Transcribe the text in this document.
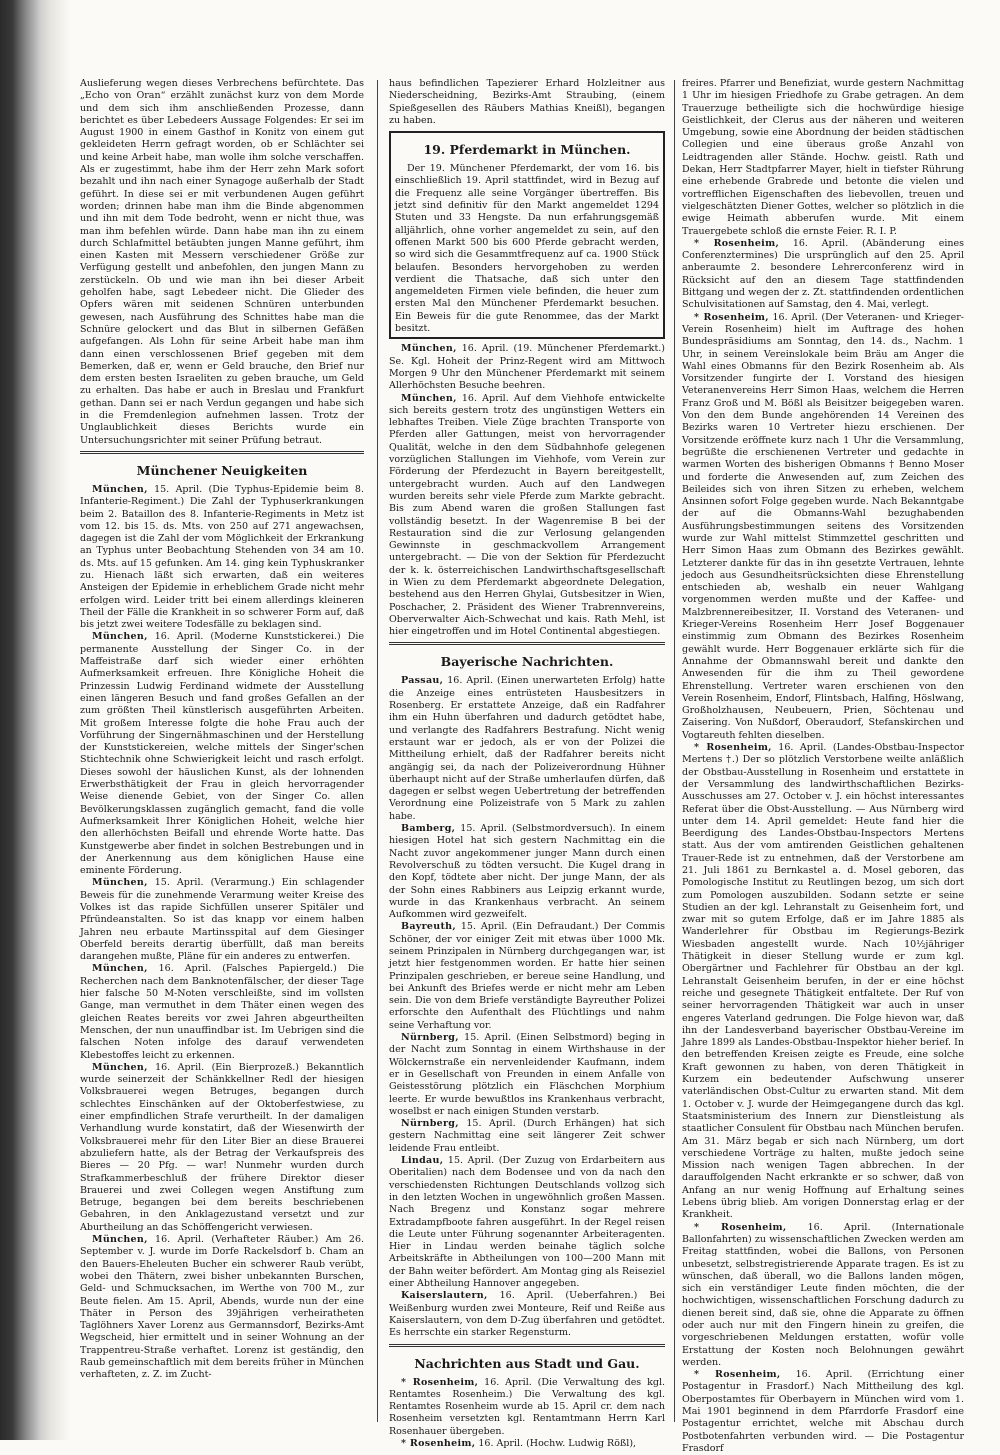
Auslieferung wegen dieses Verbrechens befürchtete. Das „Echo von Oran“ erzählt zunächst kurz von dem Morde und dem sich ihm anschließenden Prozesse, dann berichtet es über Lebedeers Aussage Folgendes: Er sei im August 1900 in einem Gasthof in Konitz von einem gut gekleideten Herrn gefragt worden, ob er Schlächter sei und keine Arbeit habe, man wolle ihm solche verschaffen. Als er zugestimmt, habe ihm der Herr zehn Mark sofort bezahlt und ihn nach einer Synagoge außerhalb der Stadt geführt. In diese sei er mit verbundenen Augen geführt worden; drinnen habe man ihm die Binde abgenommen und ihn mit dem Tode bedroht, wenn er nicht thue, was man ihm befehlen würde. Dann habe man ihn zu einem durch Schlafmittel betäubten jungen Manne geführt, ihm einen Kasten mit Messern verschiedener Größe zur Verfügung gestellt und anbefohlen, den jungen Mann zu zerstückeln. Ob und wie man ihn bei dieser Arbeit geholfen habe, sagt Lebedeer nicht. Die Glieder des Opfers wären mit seidenen Schnüren unterbunden gewesen, nach Ausführung des Schnittes habe man die Schnüre gelockert und das Blut in silbernen Gefäßen aufgefangen. Als Lohn für seine Arbeit habe man ihm dann einen verschlossenen Brief gegeben mit dem Bemerken, daß er, wenn er Geld brauche, den Brief nur dem ersten besten Israeliten zu geben brauche, um Geld zu erhalten. Das habe er auch in Breslau und Frankfurt gethan. Dann sei er nach Verdun gegangen und habe sich in die Fremdenlegion aufnehmen lassen. Trotz der Unglaublichkeit dieses Berichts wurde ein Untersuchungsrichter mit seiner Prüfung betraut.

Münchener Neuigkeiten

München, 15. April. (Die Typhus-Epidemie beim 8. Infanterie-Regiment.) Die Zahl der Typhuserkrankungen beim 2. Bataillon des 8. Infanterie-Regiments in Metz ist vom 12. bis 15. ds. Mts. von 250 auf 271 angewachsen, dagegen ist die Zahl der vom Möglichkeit der Erkrankung an Typhus unter Beobachtung Stehenden von 34 am 10. ds. Mts. auf 15 gefunken. Am 14. ging kein Typhuskranker zu. Hienach läßt sich erwarten, daß ein weiteres Ansteigen der Epidemie in erheblichem Grade nicht mehr erfolgen wird. Leider tritt bei einem allerdings kleineren Theil der Fälle die Krankheit in so schwerer Form auf, daß bis jetzt zwei weitere Todesfälle zu beklagen sind.

München, 16. April. (Moderne Kunststickerei.) Die permanente Ausstellung der Singer Co. in der Maffeistraße darf sich wieder einer erhöhten Aufmerksamkeit erfreuen. Ihre Königliche Hoheit die Prinzessin Ludwig Ferdinand widmete der Ausstellung einen längeren Besuch und fand großes Gefallen an der zum größten Theil künstlerisch ausgeführten Arbeiten. Mit großem Interesse folgte die hohe Frau auch der Vorführung der Singernähmaschinen und der Herstellung der Kunststickereien, welche mittels der Singer'schen Stichtechnik ohne Schwierigkeit leicht und rasch erfolgt. Dieses sowohl der häuslichen Kunst, als der lohnenden Erwerbsthätigkeit der Frau in gleich hervorragender Weise dienende Gebiet, von der Singer Co. allen Bevölkerungsklassen zugänglich gemacht, fand die volle Aufmerksamkeit Ihrer Königlichen Hoheit, welche hier den allerhöchsten Beifall und ehrende Worte hatte. Das Kunstgewerbe aber findet in solchen Bestrebungen und in der Anerkennung aus dem königlichen Hause eine eminente Förderung.

München, 15. April. (Verarmung.) Ein schlagender Beweis für die zunehmende Verarmung weiter Kreise des Volkes ist das rapide Sichfüllen unserer Spitäler und Pfründeanstalten. So ist das knapp vor einem halben Jahren neu erbaute Martinsspital auf dem Giesinger Oberfeld bereits derartig überfüllt, daß man bereits darangehen mußte, Pläne für ein anderes zu entwerfen.

München, 16. April. (Falsches Papiergeld.) Die Recherchen nach dem Banknotenfälscher, der dieser Tage hier falsche 50 M-Noten verschleißte, sind im vollsten Gange, man vermuthet in dem Thäter einen wegen des gleichen Reates bereits vor zwei Jahren abgeurtheilten Menschen, der nun unauffindbar ist. Im Uebrigen sind die falschen Noten infolge des darauf verwendeten Klebestoffes leicht zu erkennen.

München, 16. April. (Ein Bierprozeß.) Bekanntlich wurde seinerzeit der Schänkkellner Redl der hiesigen Volksbrauerei wegen Betruges, begangen durch schlechtes Einschänken auf der Oktoberfestwiese, zu einer empfindlichen Strafe verurtheilt. In der damaligen Verhandlung wurde konstatirt, daß der Wiesenwirth der Volksbrauerei mehr für den Liter Bier an diese Brauerei abzuliefern hatte, als der Betrag der Verkaufspreis des Bieres — 20 Pfg. — war! Nunmehr wurden durch Strafkammerbeschluß der frühere Direktor dieser Brauerei und zwei Collegen wegen Anstiftung zum Betruge, begangen bei dem bereits beschriebenen Gebahren, in den Anklagezustand versetzt und zur Aburtheilung an das Schöffengericht verwiesen.

München, 16. April. (Verhafteter Räuber.) Am 26. September v. J. wurde im Dorfe Rackelsdorf b. Cham an den Bauers-Eheleuten Bucher ein schwerer Raub verübt, wobei den Thätern, zwei bisher unbekannten Burschen, Geld- und Schmucksachen, im Werthe von 700 M., zur Beute fielen. Am 15. April, Abends, wurde nun der eine Thäter in Person des 39jährigen verheiratheten Taglöhners Xaver Lorenz aus Germannsdorf, Bezirks-Amt Wegscheid, hier ermittelt und in seiner Wohnung an der Trappentreu-Straße verhaftet. Lorenz ist geständig, den Raub gemeinschaftlich mit dem bereits früher in München verhafteten, z. Z. im Zucht-

haus befindlichen Tapezierer Erhard Holzleitner aus Niederscheidning, Bezirks-Amt Straubing, (einem Spießgesellen des Räubers Mathias Kneißl), begangen zu haben.

19. Pferdemarkt in München.

Der 19. Münchener Pferdemarkt, der vom 16. bis einschließlich 19. April stattfindet, wird in Bezug auf die Frequenz alle seine Vorgänger übertreffen. Bis jetzt sind definitiv für den Markt angemeldet 1294 Stuten und 33 Hengste. Da nun erfahrungsgemäß alljährlich, ohne vorher angemeldet zu sein, auf den offenen Markt 500 bis 600 Pferde gebracht werden, so wird sich die Gesammtfrequenz auf ca. 1900 Stück belaufen. Besonders hervorgehoben zu werden verdient die Thatsache, daß sich unter den angemeldeten Firmen viele befinden, die heuer zum ersten Mal den Münchener Pferdemarkt besuchen. Ein Beweis für die gute Renommee, das der Markt besitzt.

München, 16. April. (19. Münchener Pferdemarkt.) Se. Kgl. Hoheit der Prinz-Regent wird am Mittwoch Morgen 9 Uhr den Münchener Pferdemarkt mit seinem Allerhöchsten Besuche beehren.

München, 16. April. Auf dem Viehhofe entwickelte sich bereits gestern trotz des ungünstigen Wetters ein lebhaftes Treiben. Viele Züge brachten Transporte von Pferden aller Gattungen, meist von hervorragender Qualität, welche in den dem Südbahnhofe gelegenen vorzüglichen Stallungen im Viehhofe, vom Verein zur Förderung der Pferdezucht in Bayern bereitgestellt, untergebracht wurden. Auch auf den Landwegen wurden bereits sehr viele Pferde zum Markte gebracht. Bis zum Abend waren die großen Stallungen fast vollständig besetzt. In der Wagenremise B bei der Restauration sind die zur Verlosung gelangenden Gewinnste in geschmackvollem Arrangement untergebracht. — Die von der Sektion für Pferdezucht der k. k. österreichischen Landwirthschaftsgesellschaft in Wien zu dem Pferdemarkt abgeordnete Delegation, bestehend aus den Herren Ghylai, Gutsbesitzer in Wien, Poschacher, 2. Präsident des Wiener Trabrennvereins, Oberverwalter Aich-Schwechat und kais. Rath Mehl, ist hier eingetroffen und im Hotel Continental abgestiegen.

Bayerische Nachrichten.

Passau, 16. April. (Einen unerwarteten Erfolg) hatte die Anzeige eines entrüsteten Hausbesitzers in Rosenberg. Er erstattete Anzeige, daß ein Radfahrer ihm ein Huhn überfahren und dadurch getödtet habe, und verlangte des Radfahrers Bestrafung. Nicht wenig erstaunt war er jedoch, als er von der Polizei die Mittheilung erhielt, daß der Radfahrer bereits nicht angängig sei, da nach der Polizeiverordnung Hühner überhaupt nicht auf der Straße umherlaufen dürfen, daß dagegen er selbst wegen Uebertretung der betreffenden Verordnung eine Polizeistrafe von 5 Mark zu zahlen habe.

Bamberg, 15. April. (Selbstmordversuch). In einem hiesigen Hotel hat sich gestern Nachmittag ein die Nacht zuvor angekommener junger Mann durch einen Revolverschuß zu tödten versucht. Die Kugel drang in den Kopf, tödtete aber nicht. Der junge Mann, der als der Sohn eines Rabbiners aus Leipzig erkannt wurde, wurde in das Krankenhaus verbracht. An seinem Aufkommen wird gezweifelt.

Bayreuth, 15. April. (Ein Defraudant.) Der Commis Schöner, der vor einiger Zeit mit etwas über 1000 Mk. seinem Prinzipalen in Nürnberg durchgegangen war, ist jetzt hier festgenommen worden. Er hatte hier seinen Prinzipalen geschrieben, er bereue seine Handlung, und bei Ankunft des Briefes werde er nicht mehr am Leben sein. Die von dem Briefe verständigte Bayreuther Polizei erforschte den Aufenthalt des Flüchtlings und nahm seine Verhaftung vor.

Nürnberg, 15. April. (Einen Selbstmord) beging in der Nacht zum Sonntag in einem Wirthshause in der Wölckernstraße ein nervenleidender Kaufmann, indem er in Gesellschaft von Freunden in einem Anfalle von Geistesstörung plötzlich ein Fläschchen Morphium leerte. Er wurde bewußtlos ins Krankenhaus verbracht, woselbst er nach einigen Stunden verstarb.

Nürnberg, 15. April. (Durch Erhängen) hat sich gestern Nachmittag eine seit längerer Zeit schwer leidende Frau entleibt.

Lindau, 15. April. (Der Zuzug von Erdarbeitern aus Oberitalien) nach dem Bodensee und von da nach den verschiedensten Richtungen Deutschlands vollzog sich in den letzten Wochen in ungewöhnlich großen Massen. Nach Bregenz und Konstanz sogar mehrere Extradampfboote fahren ausgeführt. In der Regel reisen die Leute unter Führung sogenannter Arbeiteragenten. Hier in Lindau werden beinahe täglich solche Arbeitskräfte in Abtheilungen von 100—200 Mann mit der Bahn weiter befördert. Am Montag ging als Reiseziel einer Abtheilung Hannover angegeben.

Kaiserslautern, 16. April. (Ueberfahren.) Bei Weißenburg wurden zwei Monteure, Reif und Reiße aus Kaiserslautern, von dem D-Zug überfahren und getödtet. Es herrschte ein starker Regensturm.

Nachrichten aus Stadt und Gau.

* Rosenheim, 16. April. (Die Verwaltung des kgl. Rentamtes Rosenheim.) Die Verwaltung des kgl. Rentamtes Rosenheim wurde ab 15. April cr. dem nach Rosenheim versetzten kgl. Rentamtmann Herrn Karl Rosenhauer übergeben.

* Rosenheim, 16. April. (Hochw. Ludwig Rößl),

freires. Pfarrer und Benefiziat, wurde gestern Nachmittag 1 Uhr im hiesigen Friedhofe zu Grabe getragen. An dem Trauerzuge betheiligte sich die hochwürdige hiesige Geistlichkeit, der Clerus aus der näheren und weiteren Umgebung, sowie eine Abordnung der beiden städtischen Collegien und eine überaus große Anzahl von Leidtragenden aller Stände. Hochw. geistl. Rath und Dekan, Herr Stadtpfarrer Mayer, hielt in tiefster Rührung eine erhebende Grabrede und betonte die vielen und vortrefflichen Eigenschaften des liebevollen, treuen und vielgeschätzten Diener Gottes, welcher so plötzlich in die ewige Heimath abberufen wurde. Mit einem Trauergebete schloß die ernste Feier. R. I. P.

* Rosenheim, 16. April. (Abänderung eines Conferenztermines) Die ursprünglich auf den 25. April anberaumte 2. besondere Lehrerconferenz wird in Rücksicht auf den an diesem Tage stattfindenden Bittgang und wegen der z. Zt. stattfindenden ordentlichen Schulvisitationen auf Samstag, den 4. Mai, verlegt.

* Rosenheim, 16. April. (Der Veteranen- und Krieger-Verein Rosenheim) hielt im Auftrage des hohen Bundespräsidiums am Sonntag, den 14. ds., Nachm. 1 Uhr, in seinem Vereinslokale beim Bräu am Anger die Wahl eines Obmanns für den Bezirk Rosenheim ab. Als Vorsitzender fungirte der I. Vorstand des hiesigen Veteranenvereins Herr Simon Haas, welchem die Herren Franz Groß und M. Bößl als Beisitzer beigegeben waren. Von den dem Bunde angehörenden 14 Vereinen des Bezirks waren 10 Vertreter hiezu erschienen. Der Vorsitzende eröffnete kurz nach 1 Uhr die Versammlung, begrüßte die erschienenen Vertreter und gedachte in warmen Worten des bisherigen Obmanns † Benno Moser und forderte die Anwesenden auf, zum Zeichen des Beileides sich von ihren Sitzen zu erheben, welchem Ansinnen sofort Folge gegeben wurde. Nach Bekanntgabe der auf die Obmanns-Wahl bezughabenden Ausführungsbestimmungen seitens des Vorsitzenden wurde zur Wahl mittelst Stimmzettel geschritten und Herr Simon Haas zum Obmann des Bezirkes gewählt. Letzterer dankte für das in ihn gesetzte Vertrauen, lehnte jedoch aus Gesundheitsrücksichten diese Ehrenstellung entschieden ab, weshalb ein neuer Wahlgang vorgenommen werden mußte und der Kaffee- und Malzbrennereibesitzer, II. Vorstand des Veteranen- und Krieger-Vereins Rosenheim Herr Josef Boggenauer einstimmig zum Obmann des Bezirkes Rosenheim gewählt wurde. Herr Boggenauer erklärte sich für die Annahme der Obmannswahl bereit und dankte den Anwesenden für die ihm zu Theil gewordene Ehrenstellung. Vertreter waren erschienen von den Verein Rosenheim, Endorf, Flintsbach, Halfing, Höslwang, Großholzhausen, Neubeuern, Prien, Söchtenau und Zaisering. Von Nußdorf, Oberaudorf, Stefanskirchen und Vogtareuth fehlten dieselben.

* Rosenheim, 16. April. (Landes-Obstbau-Inspector Mertens †.) Der so plötzlich Verstorbene weilte anläßlich der Obstbau-Ausstellung in Rosenheim und erstattete in der Versammlung des landwirthschaftlichen Bezirks-Ausschusses am 27. October v. J. ein höchst interessantes Referat über die Obst-Ausstellung. — Aus Nürnberg wird unter dem 14. April gemeldet: Heute fand hier die Beerdigung des Landes-Obstbau-Inspectors Mertens statt. Aus der vom amtirenden Geistlichen gehaltenen Trauer-Rede ist zu entnehmen, daß der Verstorbene am 21. Juli 1861 zu Bernkastel a. d. Mosel geboren, das Pomologische Institut zu Reutlingen bezog, um sich dort zum Pomologen auszubilden. Sodann setzte er seine Studien an der kgl. Lehranstalt zu Geisenheim fort, und zwar mit so gutem Erfolge, daß er im Jahre 1885 als Wanderlehrer für Obstbau im Regierungs-Bezirk Wiesbaden angestellt wurde. Nach 10½jähriger Thätigkeit in dieser Stellung wurde er zum kgl. Obergärtner und Fachlehrer für Obstbau an der kgl. Lehranstalt Geisenheim berufen, in der er eine höchst reiche und gesegnete Thätigkeit entfaltete. Der Ruf von seiner hervorragenden Thätigkeit war auch in unser engeres Vaterland gedrungen. Die Folge hievon war, daß ihn der Landesverband bayerischer Obstbau-Vereine im Jahre 1899 als Landes-Obstbau-Inspektor hieher berief. In den betreffenden Kreisen zeigte es Freude, eine solche Kraft gewonnen zu haben, von deren Thätigkeit in Kurzem ein bedeutender Aufschwung unserer vaterländischen Obst-Cultur zu erwarten stand. Mit dem 1. October v. J. wurde der Heimgegangene durch das kgl. Staatsministerium des Innern zur Dienstleistung als staatlicher Consulent für Obstbau nach München berufen. Am 31. März begab er sich nach Nürnberg, um dort verschiedene Vorträge zu halten, mußte jedoch seine Mission nach wenigen Tagen abbrechen. In der darauffolgenden Nacht erkrankte er so schwer, daß von Anfang an nur wenig Hoffnung auf Erhaltung seines Lebens übrig blieb. Am vorigen Donnerstag erlag er der Krankheit.

* Rosenheim, 16. April. (Internationale Ballonfahrten) zu wissenschaftlichen Zwecken werden am Freitag stattfinden, wobei die Ballons, von Personen unbesetzt, selbstregistrierende Apparate tragen. Es ist zu wünschen, daß überall, wo die Ballons landen mögen, sich ein verständiger Leute finden möchten, die der hochwichtigen, wissenschaftlichen Forschung dadurch zu dienen bereit sind, daß sie, ohne die Apparate zu öffnen oder auch nur mit den Fingern hinein zu greifen, die vorgeschriebenen Meldungen erstatten, wofür volle Erstattung der Kosten noch Belohnungen gewährt werden.

* Rosenheim, 16. April. (Errichtung einer Postagentur in Frasdorf.) Nach Mittheilung des kgl. Oberpostamtes für Oberbayern in München wird vom 1. Mai 1901 beginnend in dem Pfarrdorfe Frasdorf eine Postagentur errichtet, welche mit Abschau durch Postbotenfahrten verbunden wird. — Die Postagentur Frasdorf
